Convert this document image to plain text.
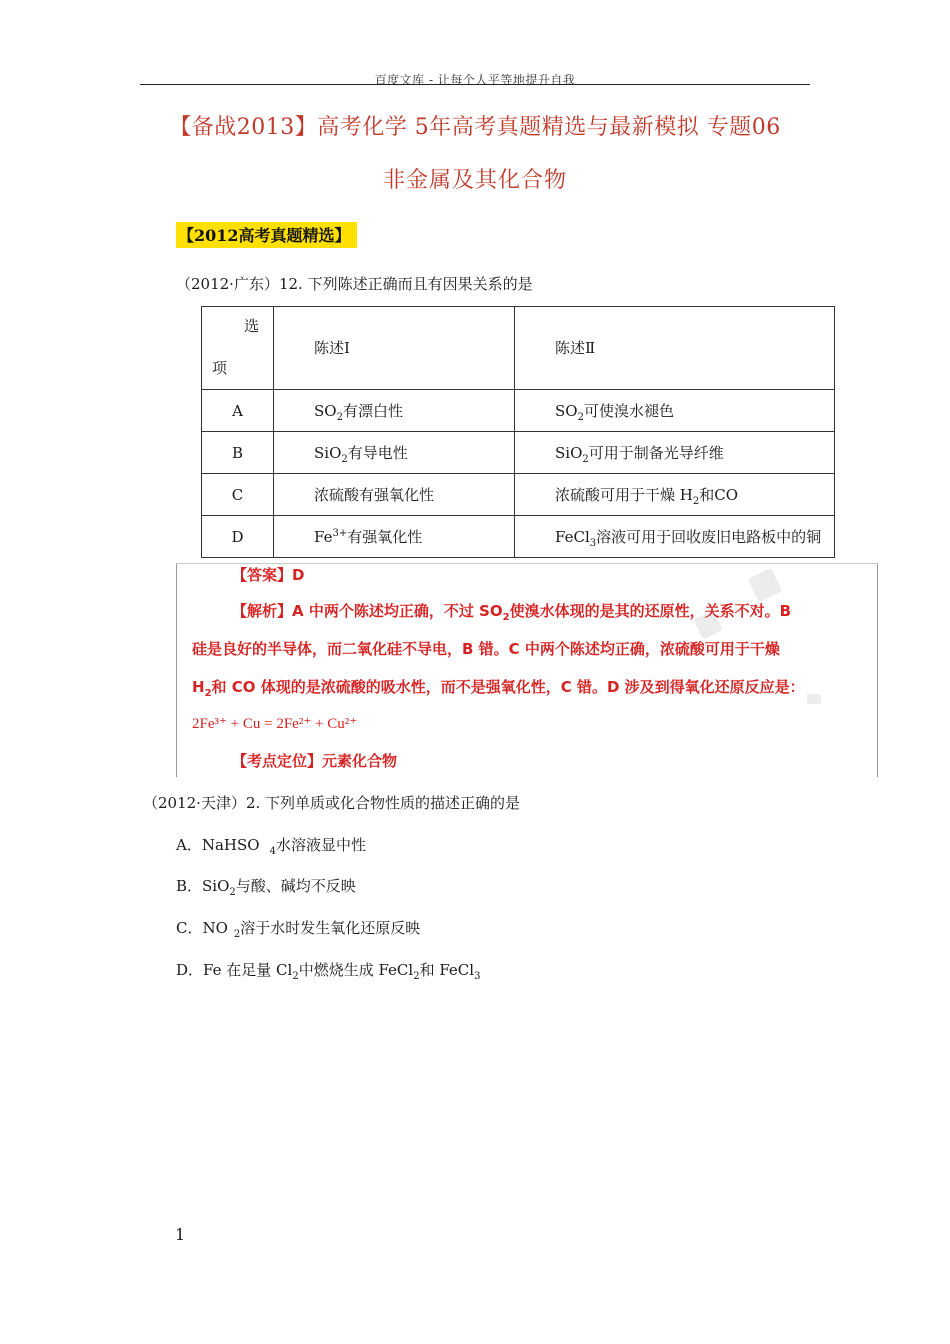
百度文库 - 让每个人平等地提升自我
【备战2013】高考化学 5年高考真题精选与最新模拟 专题06
非金属及其化合物
【2012高考真题精选】
（2012·广东）12. 下列陈述正确而且有因果关系的是
选
项	陈述Ⅰ	陈述Ⅱ
A	$SO_2$有漂白性	$SO_2$可使溴水褪色
B	SiO$_2$有导电性	SiO$_2$可用于制备光导纤维
C	浓硫酸有强氧化性	浓硫酸可用于干燥 $H_2$和CO
D	$Fe^{3+}$有强氧化性	FeCl$_3$溶液可用于回收废旧电路板中的铜
【答案】D
【解析】A 中两个陈述均正确，不过 $SO_2$使溴水体现的是其的还原性，关系不对。B
硅是良好的半导体，而二氧化硅不导电，B 错。C 中两个陈述均正确，浓硫酸可用于干燥
$H_2$和 CO 体现的是浓硫酸的吸水性，而不是强氧化性，C 错。D 涉及到得氧化还原反应是：
2Fe³⁺ + Cu = 2Fe²⁺ + Cu²⁺
【考点定位】元素化合物
（2012·天津）2. 下列单质或化合物性质的描述正确的是
A．NaHSO $_4$水溶液显中性
B．SiO$_2$与酸、碱均不反映
C．NO $_2$溶于水时发生氧化还原反映
D．Fe 在足量 $Cl_2$中燃烧生成 FeCl$_2$和 FeCl$_3$
1
